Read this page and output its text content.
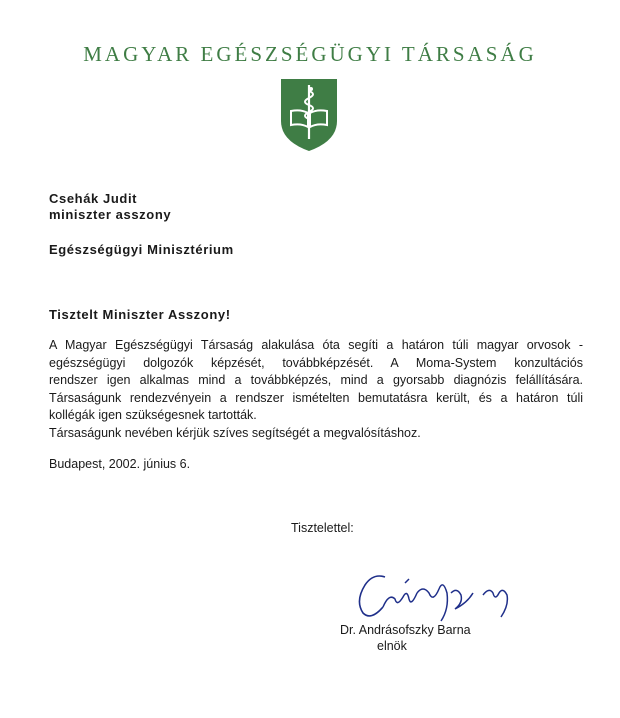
MAGYAR EGÉSZSÉGÜGYI TÁRSASÁG
Csehák Judit
miniszter asszony
Egészségügyi Minisztérium
Tisztelt Miniszter Asszony!
A Magyar Egészségügyi Társaság alakulása óta segíti a határon túli magyar orvosok -
egészségügyi dolgozók képzését, továbbképzését. A Moma-System konzultációs
rendszer igen alkalmas mind a továbbképzés, mind a gyorsabb diagnózis felállítására.
Társaságunk rendezvényein a rendszer ismételten bemutatásra került, és a határon túli
kollégák igen szükségesnek tartották.
Társaságunk nevében kérjük szíves segítségét a megvalósításhoz.
Budapest, 2002. június 6.
Tisztelettel:
Dr. Andrásofszky Barna
elnök
